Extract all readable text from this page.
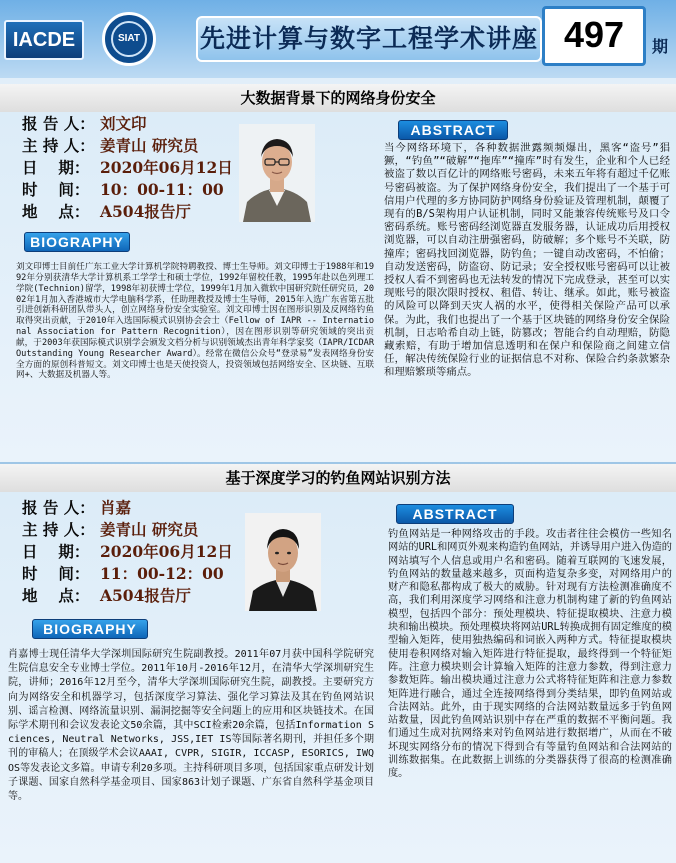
IACDE	SIAT 先进计算与数字工程学术讲座 497	期
大数据背景下的网络身份安全
报 告 人： 刘文印
主 持 人： 姜青山 研究员
日　 期： 2020年06月12日
时　 间： 10：00-11：00
地　 点： A504报告厅
BIOGRAPHY
ABSTRACT
刘文印博士目前任广东工业大学计算机学院特聘教授、博士生导师。刘文印博士于1988年和1992年分别获清华大学计算机系工学学士和硕士学位，1992年留校任教，1995年赴以色列理工学院(Technion)留学，1998年初获博士学位，1999年1月加入微软中国研究院任研究员，2002年1月加入香港城市大学电脑科学系，任助理教授及博士生导师，2015年入选广东省第五批引进创新科研团队带头人，创立网络身份安全实验室。刘文印博士因在图形识别及反网络钓鱼取得突出贡献，于2010年入选国际模式识别协会会士（Fellow of IAPR -- International Association for Pattern Recognition），因在图形识别等研究领域的突出贡献，于2003年获国际模式识别学会颁发文档分析与识别领域杰出青年科学家奖（IAPR/ICDAR Outstanding Young Researcher Award）。经常在微信公众号“登录易”发表网络身份安全方面的原创科普短文。刘文印博士也是天使投资人，投资领域包括网络安全、区块链、互联网+、大数据及机器人等。
当今网络环境下，各种数据泄露频频爆出，黑客“盗号”猖獗，“钓鱼”“破解”“拖库”“撞库”时有发生，企业和个人已经被盗了数以百亿计的网络账号密码，未来五年将有超过千亿账号密码被盗。为了保护网络身份安全，我们提出了一个基于可信用户代理的多方协同防护网络身份验证及管理机制，颠覆了现有的B/S架构用户认证机制，同时又能兼容传统账号及口令密码系统。账号密码经浏览器直发服务器，认证成功后用授权浏览器，可以自动注册强密码，防破解；多个账号不关联，防撞库；密码找回浏览器，防钓鱼；一键自动改密码，不怕偷；自动发送密码，防盗窃、防记录；安全授权账号密码可以让被授权人看不到密码也无法转发的情况下完成登录，甚至可以实现账号的限次限时授权、租借、转让、继承。如此，账号被盗的风险可以降到天灾人祸的水平，使得相关保险产品可以承保。为此，我们也提出了一个基于区块链的网络身份安全保险机制，日志哈希自动上链，防篡改；智能合约自动理赔，防隐藏索赔，有助于增加信息透明和在保户和保险商之间建立信任，解决传统保险行业的证据信息不对称、保险合约条款繁杂和理赔繁琐等痛点。
基于深度学习的钓鱼网站识别方法
报 告 人： 肖嘉
主 持 人： 姜青山 研究员
日　 期： 2020年06月12日
时　 间： 11：00-12：00
地　 点： A504报告厅
BIOGRAPHY
ABSTRACT
肖嘉博士现任清华大学深圳国际研究生院副教授。2011年07月获中国科学院研究生院信息安全专业博士学位。2011年10月-2016年12月，在清华大学深圳研究生院，讲师；2016年12月至今，清华大学深圳国际研究生院，副教授。主要研究方向为网络安全和机器学习，包括深度学习算法、强化学习算法及其在钓鱼网站识别、谣言检测、网络流量识别、漏洞挖掘等安全问题上的应用和区块链技术。在国际学术期刊和会议发表论文50余篇，其中SCI检索20余篇，包括Information Sciences, Neutral Networks, JSS,IET IS等国际著名期刊，并担任多个期刊的审稿人；在顶级学术会议AAAI, CVPR, SIGIR, ICCASP, ESORICS, IWQOS等发表论文多篇。申请专利20多项。主持科研项目多项，包括国家重点研发计划子课题、国家自然科学基金项目、国家863计划子课题、广东省自然科学基金项目等。
钓鱼网站是一种网络攻击的手段。攻击者往往会模仿一些知名网站的URL和网页外观来构造钓鱼网站，并诱导用户进入伪造的网站填写个人信息或用户名和密码。随着互联网的飞速发展，钓鱼网站的数量越来越多，页面构造复杂多变，对网络用户的财产和隐私都构成了极大的威胁。针对现有方法检测准确度不高，我们利用深度学习网络和注意力机制构建了新的钓鱼网站模型，包括四个部分：预处理模块、特征提取模块、注意力模块和输出模块。预处理模块将网站URL转换成拥有固定维度的模型输入矩阵，使用独热编码和词嵌入两种方式。特征提取模块使用卷积网络对输入矩阵进行特征提取，最终得到一个特征矩阵。注意力模块则会计算输入矩阵的注意力参数，得到注意力参数矩阵。输出模块通过注意力公式将特征矩阵和注意力参数矩阵进行融合，通过全连接网络得到分类结果，即钓鱼网站或合法网站。此外，由于现实网络的合法网站数量远多于钓鱼网站数量，因此钓鱼网站识别中存在严重的数据不平衡问题。我们通过生成对抗网络来对钓鱼网站进行数据增广，从而在不破坏现实网络分布的情况下得到合有等量钓鱼网站和合法网站的训练数据集。在此数据上训练的分类器获得了很高的检测准确度。
